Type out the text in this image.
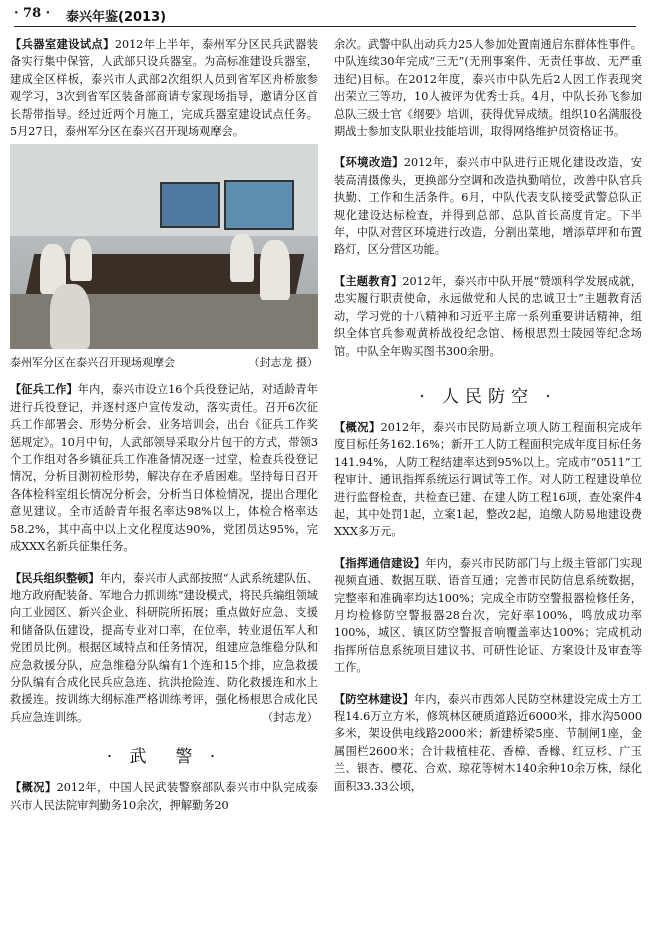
· 78 · 泰兴年鉴(2013)

【兵器室建设试点】2012年上半年，泰州军分区民兵武器装备实行集中保管，人武部只设兵器室。为高标准建设兵器室，建成全区样板，泰兴市人武部2次组织人员到省军区舟桥旅参观学习，3次到省军区装备部商请专家现场指导，邀请分区首长帮带指导。经过近两个月施工，完成兵器室建设试点任务。5月27日，泰州军分区在泰兴召开现场观摩会。

泰州军分区在泰兴召开现场观摩会	（封志龙 摄）

【征兵工作】年内，泰兴市设立16个兵役登记站，对适龄青年进行兵役登记，并逐村逐户宣传发动，落实责任。召开6次征兵工作部署会、形势分析会、业务培训会，出台《征兵工作奖惩规定》。10月中旬，人武部领导采取分片包干的方式，带领3个工作组对各乡镇征兵工作准备情况逐一过堂，检查兵役登记情况，分析目测初检形势，解决存在矛盾困难。坚持每日召开各体检科室组长情况分析会，分析当日体检情况，提出合理化意见建议。全市适龄青年报名率达98%以上，体检合格率达58.2%，其中高中以上文化程度达90%，党团员达95%，完成XXX名新兵征集任务。

【民兵组织整顿】年内，泰兴市人武部按照“人武系统建队伍、地方政府配装备、军地合力抓训练”建设模式，将民兵编组领域向工业园区、新兴企业、科研院所拓展；重点做好应急、支援和储备队伍建设，提高专业对口率，在位率，转业退伍军人和党团员比例。根据区域特点和任务情况，组建应急维稳分队和应急救援分队，应急维稳分队编有1个连和15个排，应急救援分队编有合成化民兵应急连、抗洪抢险连、防化救援连和水上救援连。按训练大纲标准严格训练考评，强化杨根思合成化民兵应急连训练。	（封志龙）

· 武　警 ·

【概况】2012年，中国人民武装警察部队泰兴市中队完成泰兴市人民法院审判勤务10余次，押解勤务20

余次。武警中队出动兵力25人参加处置南通启东群体性事件。中队连续30年完成“三无”(无刑事案件、无责任事故、无严重违纪)目标。在2012年度，泰兴市中队先后2人因工作表现突出荣立三等功，10人被评为优秀士兵。4月，中队长孙飞参加总队三级士官《纲要》培训，获得优异成绩。组织10名满服役期战士参加支队职业技能培训，取得网络维护员资格证书。

【环境改造】2012年，泰兴市中队进行正规化建设改造，安装高清摄像头，更换部分空调和改造执勤哨位，改善中队官兵执勤、工作和生活条件。6月，中队代表支队接受武警总队正规化建设达标检查，并得到总部、总队首长高度肯定。下半年，中队对营区环境进行改造，分割出菜地，增添草坪和布置路灯，区分营区功能。

【主题教育】2012年，泰兴市中队开展“赞颂科学发展成就，忠实履行职责使命，永远做党和人民的忠诚卫士”主题教育活动，学习党的十八精神和习近平主席一系列重要讲话精神，组织全体官兵参观黄桥战役纪念馆、杨根思烈士陵园等纪念场馆。中队全年购买图书300余册。

· 人民防空 ·

【概况】2012年，泰兴市民防局新立项人防工程面积完成年度目标任务162.16%；新开工人防工程面积完成年度目标任务141.94%，人防工程结建率达到95%以上。完成市“0511”工程审计、通讯指挥系统运行调试等工作。对人防工程建设单位进行监督检查，共检查已建、在建人防工程16项，查处案件4起，其中处罚1起，立案1起，整改2起，追缴人防易地建设费XXX多万元。

【指挥通信建设】年内，泰兴市民防部门与上级主管部门实现视频直通、数据互联、语音互通；完善市民防信息系统数据，完整率和准确率均达100%；完成全市防空警报器检修任务，月均检修防空警报器28台次，完好率100%，鸣放成功率100%，城区、镇区防空警报音响覆盖率达100%；完成机动指挥所信息系统项目建议书、可研性论证、方案设计及审查等工作。

【防空林建设】年内，泰兴市西郊人民防空林建设完成土方工程14.6万立方米，修筑林区硬质道路近6000米，排水沟5000多米，架设供电线路2000米；新建桥梁5座、节制闸1座，金属围栏2600米；合计栽植桂花、香樟、香橼、红豆杉、广玉兰、银杏、樱花、合欢、琼花等树木140余种10余万株，绿化面积33.33公顷，
